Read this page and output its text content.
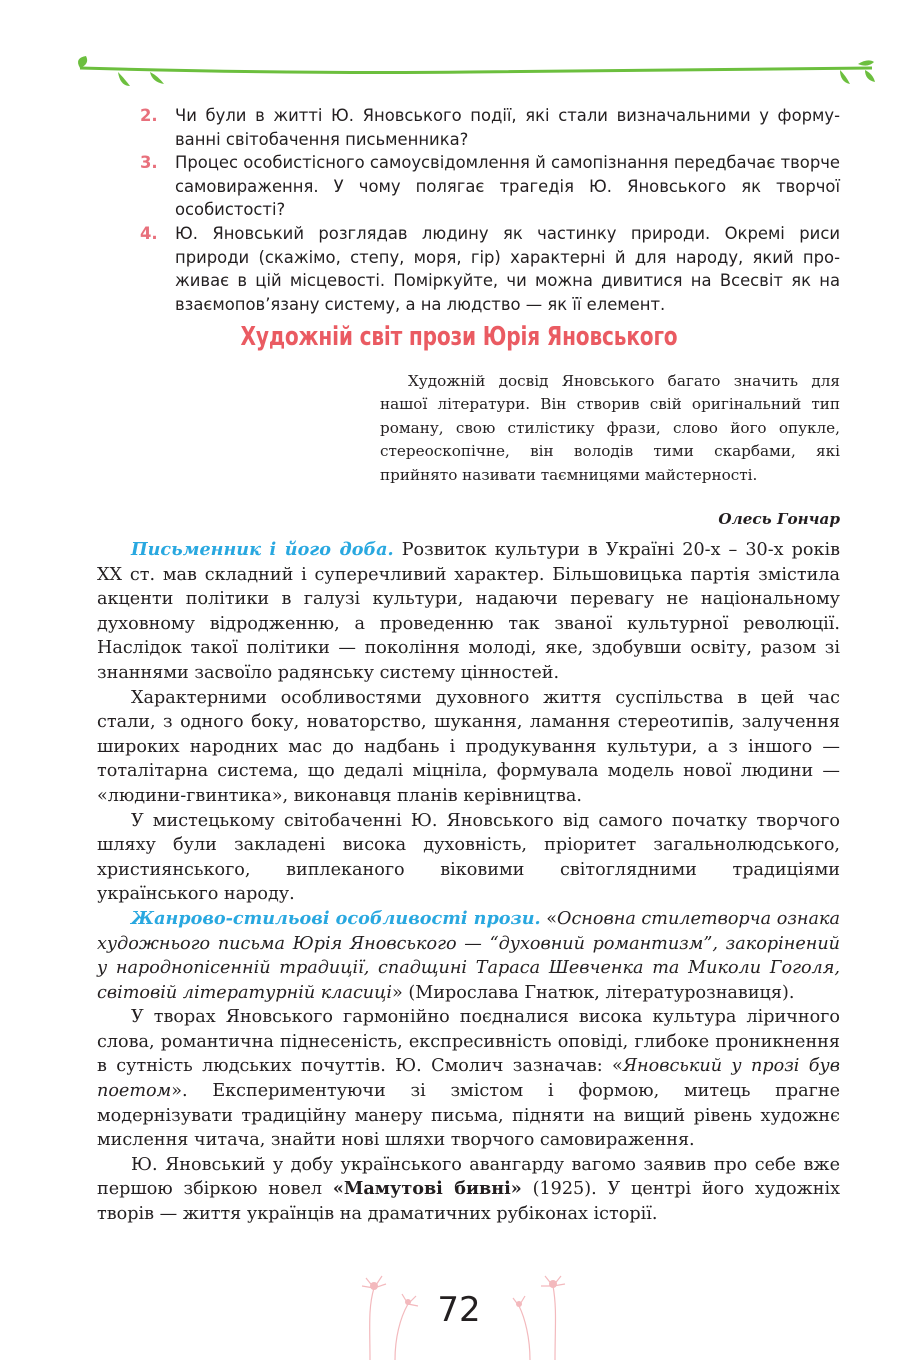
2.	Чи були в житті Ю. Яновського події, які стали визначальними у формуванні світобачення письменника?
3.	Процес особистісного самоусвідомлення й самопізнання передбачає творче самовираження. У чому полягає трагедія Ю. Яновського як творчої особистості?
4.	Ю. Яновський розглядав людину як частинку природи. Окремі риси природи (скажімо, степу, моря, гір) характерні й для народу, який проживає в цій місцевості. Поміркуйте, чи можна дивитися на Всесвіт як на взаємопов’язану систему, а на людство — як її елемент.
Художній світ прози Юрія Яновського
Художній досвід Яновського багато значить для нашої літератури. Він створив свій оригінальний тип роману, свою стилістику фрази, слово його опукле, стереоскопічне, він володів тими скарбами, які прийнято називати таємницями майстерності.
Олесь Гончар

Письменник і його доба. Розвиток культури в Україні 20-х – 30-х років XX ст. мав складний і суперечливий характер. Більшовицька партія змістила акценти політики в галузі культури, надаючи перевагу не національному духовному відродженню, а проведенню так званої культурної революції. Наслідок такої політики — покоління молоді, яке, здобувши освіту, разом зі знаннями засвоїло радянську систему цінностей.

Характерними особливостями духовного життя суспільства в цей час стали, з одного боку, новаторство, шукання, ламання стереотипів, залучення широких народних мас до надбань і продукування культури, а з іншого — тоталітарна система, що дедалі міцніла, формувала модель нової людини — «людини-гвинтика», виконавця планів керівництва.

У мистецькому світобаченні Ю. Яновського від самого початку творчого шляху були закладені висока духовність, пріоритет загальнолюдського, християнського, виплеканого віковими світоглядними традиціями українського народу.

Жанрово-стильові особливості прози. «Основна стилетворча ознака художнього письма Юрія Яновського — “духовний романтизм”, закорінений у народнопісенній традиції, спадщині Тараса Шевченка та Миколи Гоголя, світовій літературній класиці» (Мирослава Гнатюк, літературознавиця).

У творах Яновського гармонійно поєдналися висока культура ліричного слова, романтична піднесеність, експресивність оповіді, глибоке проникнення в сутність людських почуттів. Ю. Смолич зазначав: «Яновський у прозі був поетом». Експериментуючи зі змістом і формою, митець прагне модернізувати традиційну манеру письма, підняти на вищий рівень художнє мислення читача, знайти нові шляхи творчого самовираження.

Ю. Яновський у добу українського авангарду вагомо заявив про себе вже першою збіркою новел «Мамутові бивні» (1925). У центрі його художніх творів — життя українців на драматичних рубіконах історії.

72
